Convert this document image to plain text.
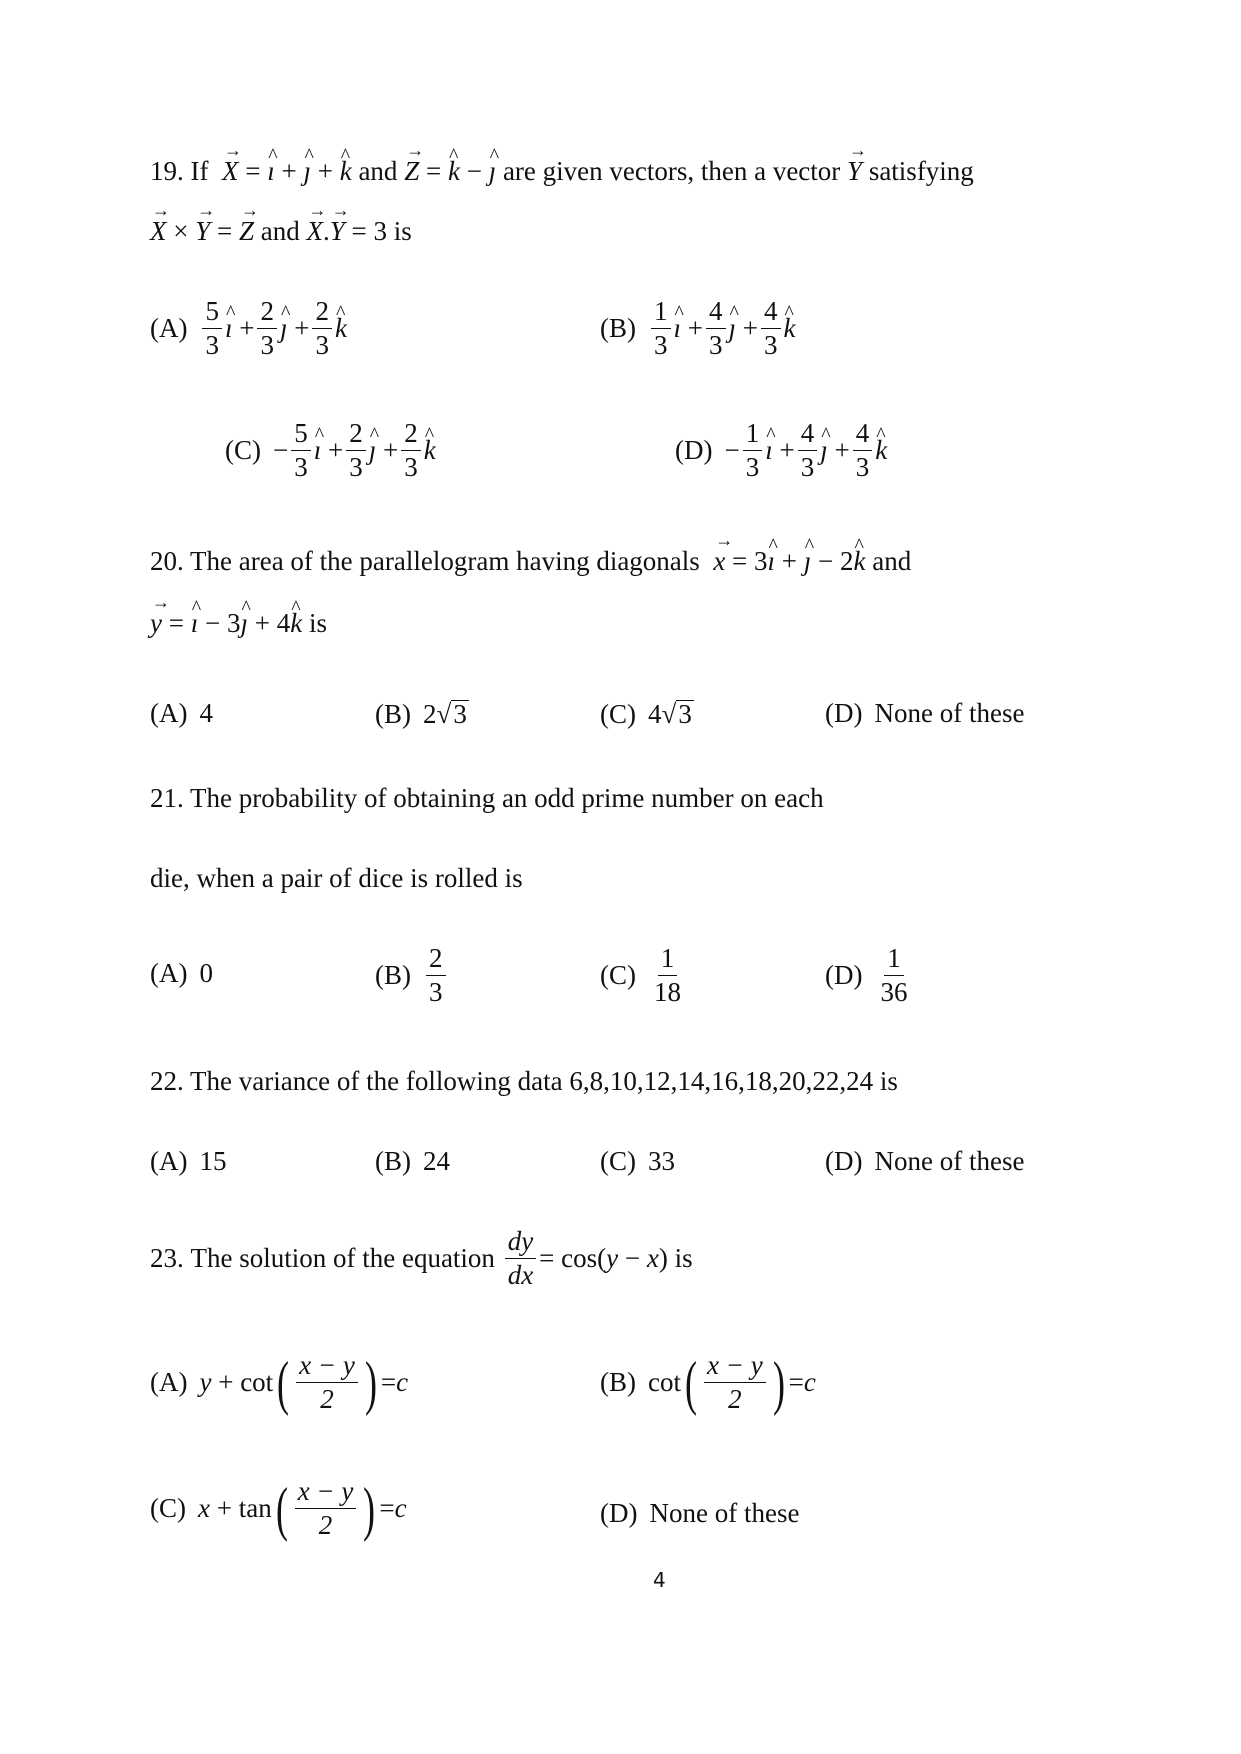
19. If → X = ^ ı + ^ ȷ + ^ k and → Z = ^ k − ^ ȷ are given vectors, then a vector → Y satisfying
→ X × → Y = → Z and → X.→ Y = 3 is
$(A) \frac{5}{3}$ ^ ı + $\frac{2}{3}$ ^ ȷ + $\frac{2}{3}$ ^ k	$(B) \frac{1}{3}$ ^ ı + $\frac{4}{3}$ ^ ȷ + $\frac{4}{3}$ ^ k
$(C) - \frac{5}{3}$ ^ ı + $\frac{2}{3}$ ^ ȷ + $\frac{2}{3}$ ^ k	$(D) - \frac{1}{3}$ ^ ı + $\frac{4}{3}$ ^ ȷ + $\frac{4}{3}$ ^ k
20. The area of the parallelogram having diagonals → x = 3^ ı + ^ ȷ − 2^ k and
→ y = ^ ı − 3^ ȷ + 4^ k is
(A) 4	(B) 2 √ 3	(C) 4 √ 3	(D) None of these
21. The probability of obtaining an odd prime number on each
die, when a pair of dice is rolled is
(A) 0	$(B) \frac{2}{3}$	$(C) \frac{1}{18}$	$(D) \frac{1}{36}$
22. The variance of the following data 6,8,10,12,14,16,18,20,22,24 is
(A) 15	(B) 24	(C) 33	(D) None of these
23.
The solution of the equation
$\frac{dy}{dx} = \cos(y - x)$
is
(A) y + cot ( $\frac{x - y}{2}$ ) = c	(B) cot ( $\frac{x - y}{2}$ ) = c
(C) x + tan ( $\frac{x - y}{2}$ ) = c	(D) None of these
4
